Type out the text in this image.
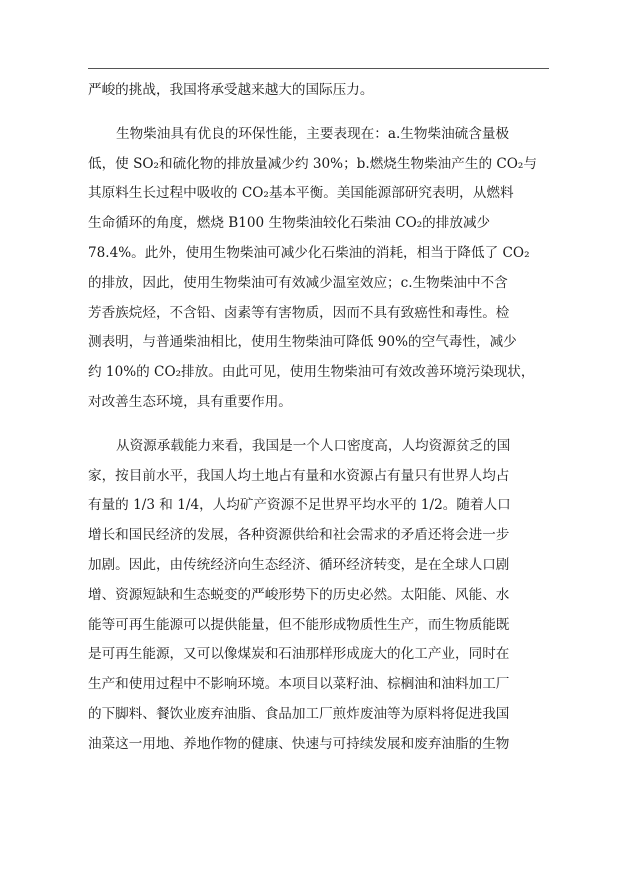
严峻的挑战，我国将承受越来越大的国际压力。
生物柴油具有优良的环保性能，主要表现在：a.生物柴油硫含量极
低，使 SO₂和硫化物的排放量减少约 30%；b.燃烧生物柴油产生的 CO₂与
其原料生长过程中吸收的 CO₂基本平衡。美国能源部研究表明，从燃料
生命循环的角度，燃烧 B100 生物柴油较化石柴油 CO₂的排放减少
78.4%。此外，使用生物柴油可减少化石柴油的消耗，相当于降低了 CO₂
的排放，因此，使用生物柴油可有效减少温室效应；c.生物柴油中不含
芳香族烷烃，不含铅、卤素等有害物质，因而不具有致癌性和毒性。检
测表明，与普通柴油相比，使用生物柴油可降低 90%的空气毒性，减少
约 10%的 CO₂排放。由此可见，使用生物柴油可有效改善环境污染现状，
对改善生态环境，具有重要作用。
从资源承载能力来看，我国是一个人口密度高，人均资源贫乏的国
家，按目前水平，我国人均土地占有量和水资源占有量只有世界人均占
有量的 1/3 和 1/4，人均矿产资源不足世界平均水平的 1/2。随着人口
增长和国民经济的发展，各种资源供给和社会需求的矛盾还将会进一步
加剧。因此，由传统经济向生态经济、循环经济转变，是在全球人口剧
增、资源短缺和生态蜕变的严峻形势下的历史必然。太阳能、风能、水
能等可再生能源可以提供能量，但不能形成物质性生产，而生物质能既
是可再生能源，又可以像煤炭和石油那样形成庞大的化工产业，同时在
生产和使用过程中不影响环境。本项目以菜籽油、棕榈油和油料加工厂
的下脚料、餐饮业废弃油脂、食品加工厂煎炸废油等为原料将促进我国
油菜这一用地、养地作物的健康、快速与可持续发展和废弃油脂的生物
